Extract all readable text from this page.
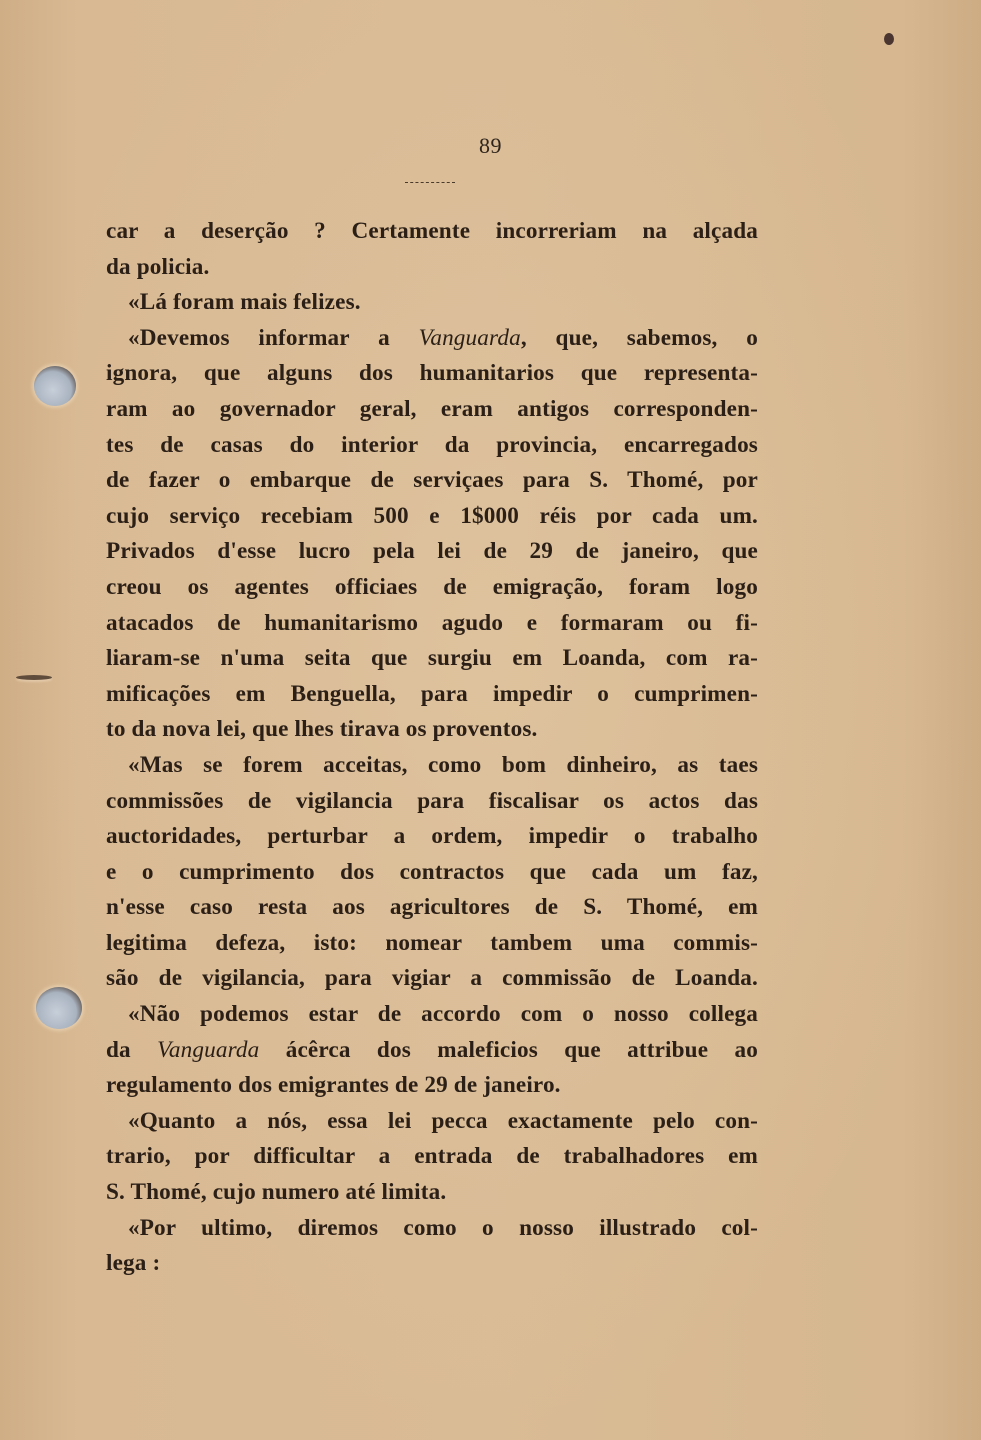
89
car a deserção ? Certamente incorreriam na alçada
da policia.
«Lá foram mais felizes.
«Devemos informar a Vanguarda, que, sabemos, o
ignora, que alguns dos humanitarios que representa-
ram ao governador geral, eram antigos corresponden-
tes de casas do interior da provincia, encarregados
de fazer o embarque de serviçaes para S. Thomé, por
cujo serviço recebiam 500 e 1$000 réis por cada um.
Privados d'esse lucro pela lei de 29 de janeiro, que
creou os agentes officiaes de emigração, foram logo
atacados de humanitarismo agudo e formaram ou fi-
liaram-se n'uma seita que surgiu em Loanda, com ra-
mificações em Benguella, para impedir o cumprimen-
to da nova lei, que lhes tirava os proventos.
«Mas se forem acceitas, como bom dinheiro, as taes
commissões de vigilancia para fiscalisar os actos das
auctoridades, perturbar a ordem, impedir o trabalho
e o cumprimento dos contractos que cada um faz,
n'esse caso resta aos agricultores de S. Thomé, em
legitima defeza, isto: nomear tambem uma commis-
são de vigilancia, para vigiar a commissão de Loanda.
«Não podemos estar de accordo com o nosso collega
da Vanguarda ácêrca dos maleficios que attribue ao
regulamento dos emigrantes de 29 de janeiro.
«Quanto a nós, essa lei pecca exactamente pelo con-
trario, por difficultar a entrada de trabalhadores em
S. Thomé, cujo numero até limita.
«Por ultimo, diremos como o nosso illustrado col-
lega :
